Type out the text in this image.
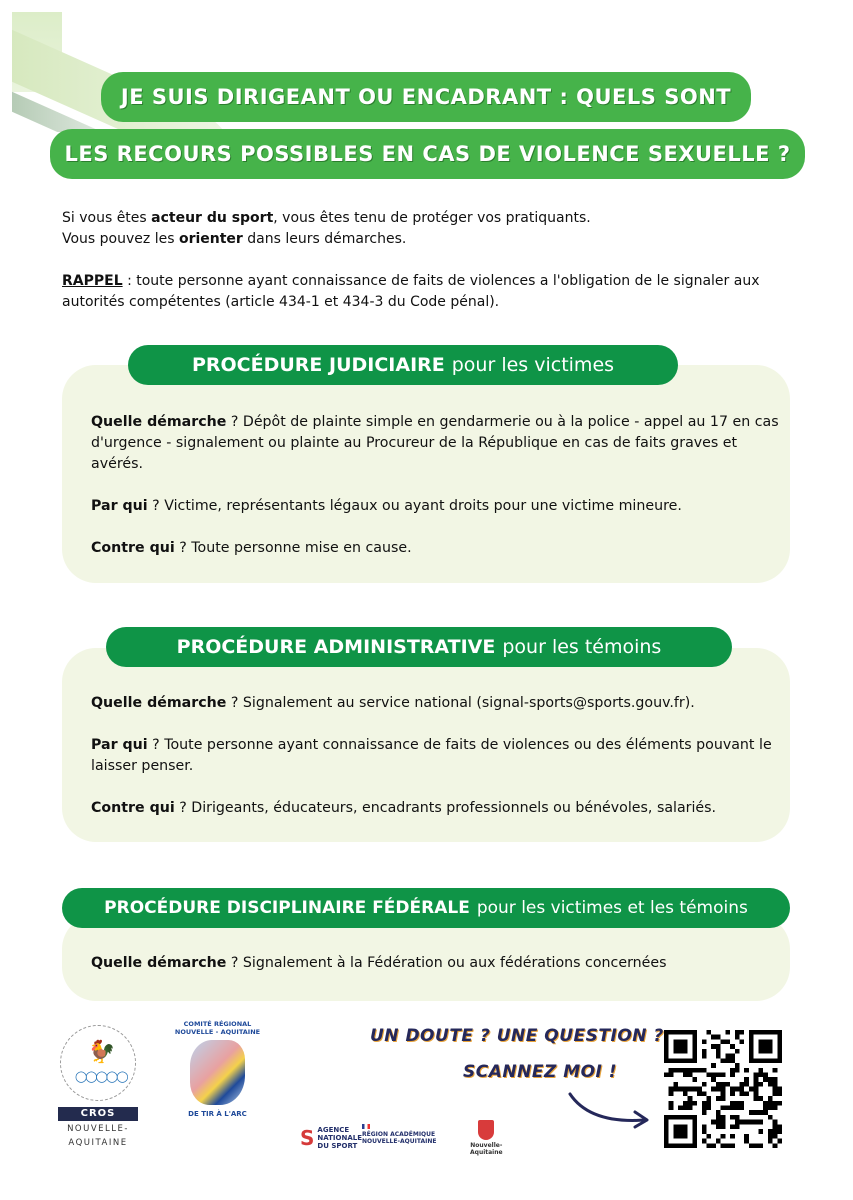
JE SUIS DIRIGEANT OU ENCADRANT : QUELS SONT
LES RECOURS POSSIBLES EN CAS DE VIOLENCE SEXUELLE ?

Si vous êtes acteur du sport, vous êtes tenu de protéger vos pratiquants.

Vous pouvez les orienter dans leurs démarches.

RAPPEL : toute personne ayant connaissance de faits de violences a l'obligation de le signaler aux autorités compétentes (article 434-1 et 434-3 du Code pénal).

PROCÉDURE JUDICIAIRE pour les victimes

Quelle démarche ? Dépôt de plainte simple en gendarmerie ou à la police - appel au 17 en cas d'urgence - signalement ou plainte au Procureur de la République en cas de faits graves et avérés.

Par qui ? Victime, représentants légaux ou ayant droits pour une victime mineure.

Contre qui ? Toute personne mise en cause.

PROCÉDURE ADMINISTRATIVE pour les témoins

Quelle démarche ? Signalement au service national (signal-sports@sports.gouv.fr).

Par qui ? Toute personne ayant connaissance de faits de violences ou des éléments pouvant le laisser penser.

Contre qui ? Dirigeants, éducateurs, encadrants professionnels ou bénévoles, salariés.

PROCÉDURE DISCIPLINAIRE FÉDÉRALE pour les victimes et les témoins

Quelle démarche ? Signalement à la Fédération ou aux fédérations concernées

🐓
◯◯◯◯◯
CROS
NOUVELLE-
AQUITAINE
COMITÉ RÉGIONAL NOUVELLE - AQUITAINE
DE TIR À L'ARC
UN DOUTE ? UNE QUESTION ?
SCANNEZ MOI !
S AGENCE
NATIONALE
DU SPORT
RÉGION ACADÉMIQUE
NOUVELLE-AQUITAINE
Nouvelle-
Aquitaine
